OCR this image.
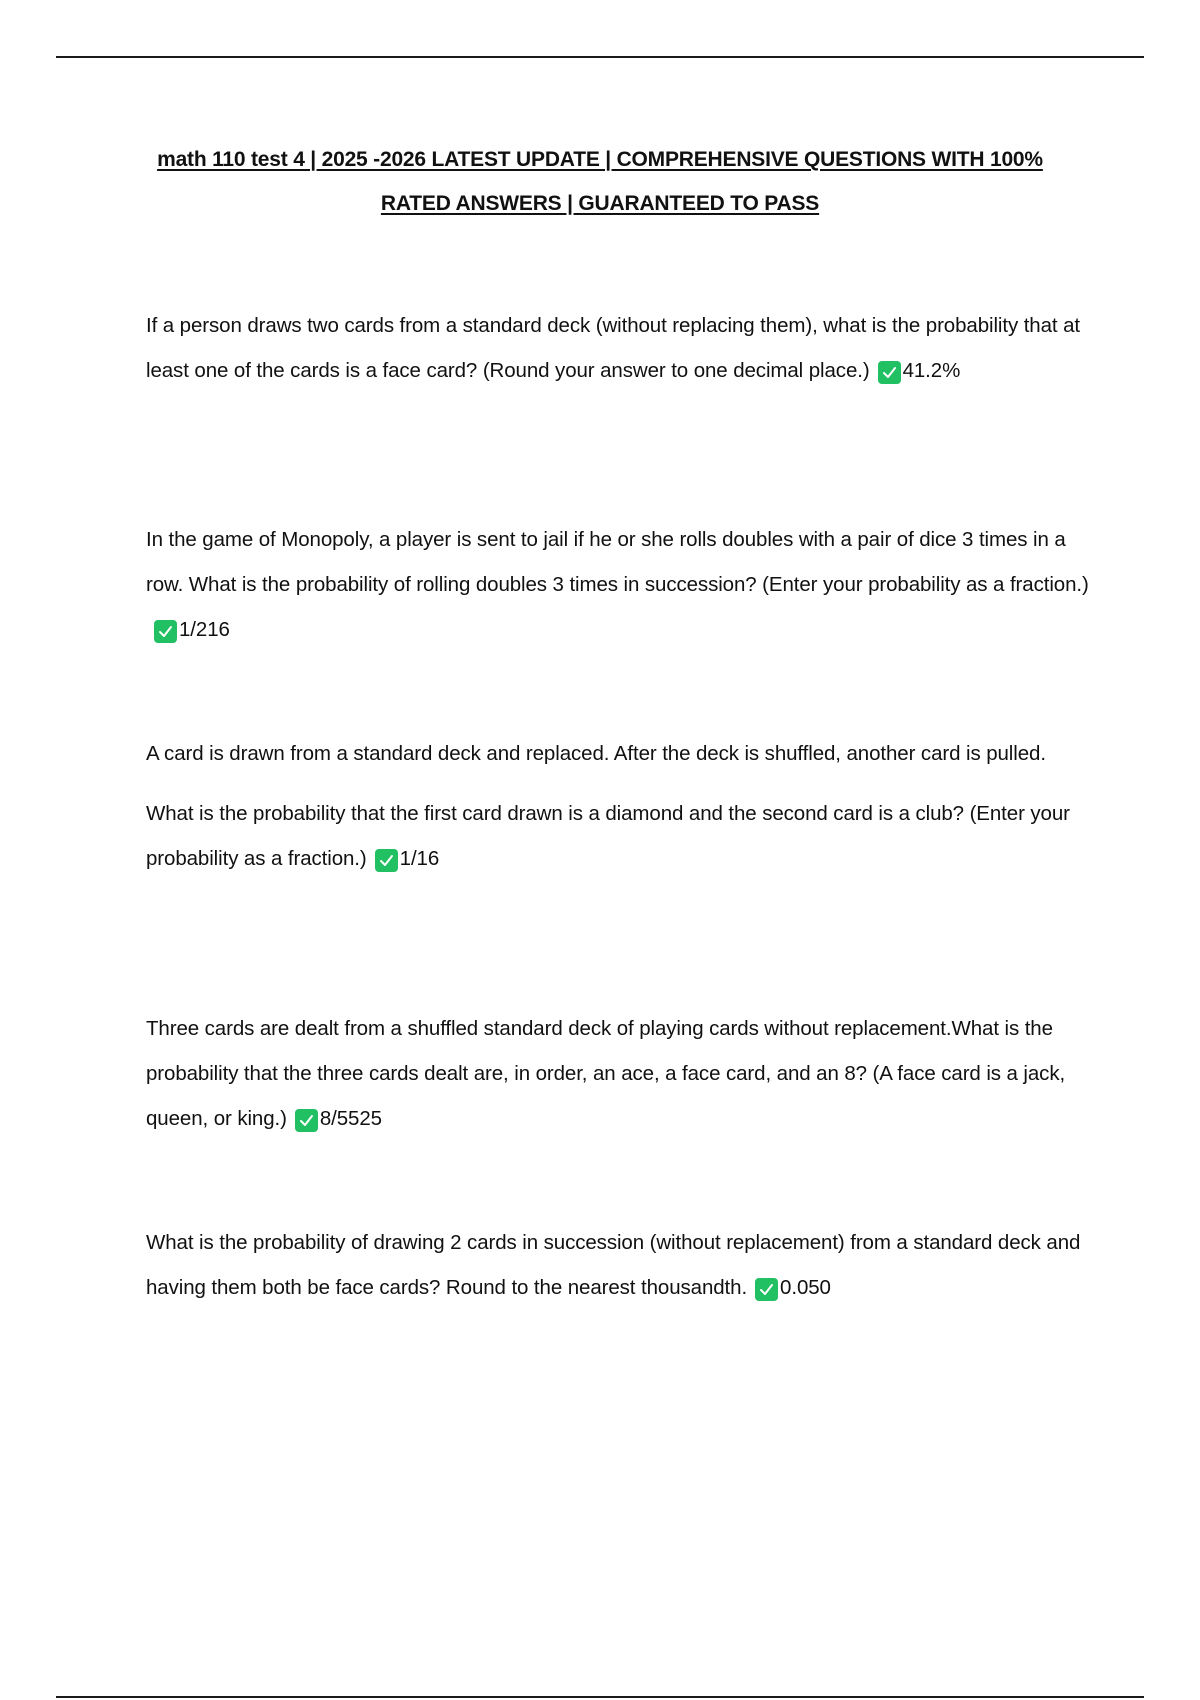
math 110 test 4 | 2025 -2026 LATEST UPDATE | COMPREHENSIVE QUESTIONS WITH 100%
RATED ANSWERS | GUARANTEED TO PASS

If a person draws two cards from a standard deck (without replacing them), what is the probability that at least one of the cards is a face card? (Round your answer to one decimal place.) 41.2%

In the game of Monopoly, a player is sent to jail if he or she rolls doubles with a pair of dice 3 times in a row. What is the probability of rolling doubles 3 times in succession? (Enter your probability as a fraction.)
1/216

A card is drawn from a standard deck and replaced. After the deck is shuffled, another card is pulled.

What is the probability that the first card drawn is a diamond and the second card is a club? (Enter your probability as a fraction.) 1/16

Three cards are dealt from a shuffled standard deck of playing cards without replacement.What is the probability that the three cards dealt are, in order, an ace, a face card, and an 8? (A face card is a jack, queen, or king.) 8/5525

What is the probability of drawing 2 cards in succession (without replacement) from a standard deck and having them both be face cards? Round to the nearest thousandth. 0.050
